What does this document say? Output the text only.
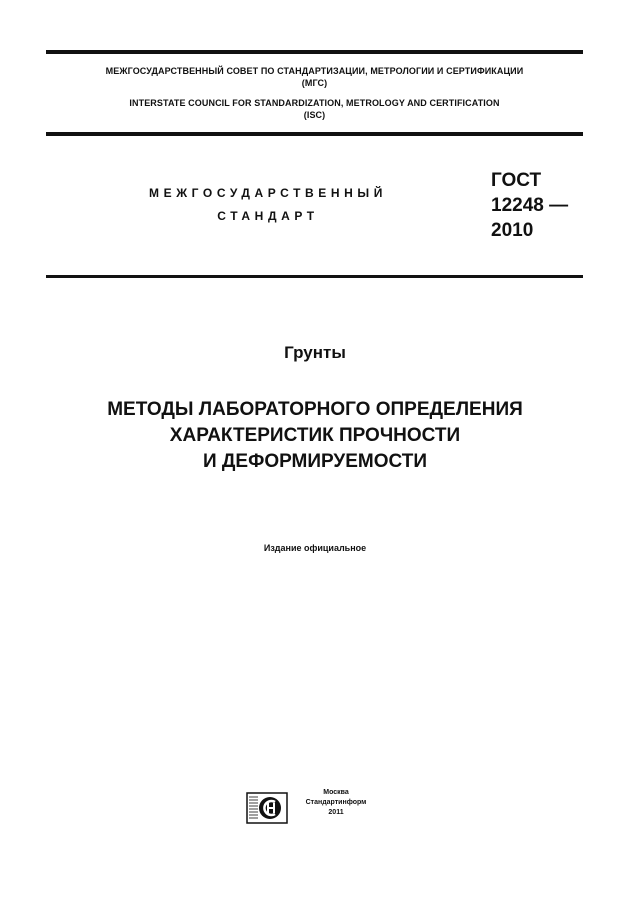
МЕЖГОСУДАРСТВЕННЫЙ СОВЕТ ПО СТАНДАРТИЗАЦИИ, МЕТРОЛОГИИ И СЕРТИФИКАЦИИ
(МГС)
INTERSTATE COUNCIL FOR STANDARDIZATION, METROLOGY AND CERTIFICATION
(ISC)
МЕЖГОСУДАРСТВЕННЫЙ
СТАНДАРТ
ГОСТ
12248 —
2010
Грунты
МЕТОДЫ ЛАБОРАТОРНОГО ОПРЕДЕЛЕНИЯ
ХАРАКТЕРИСТИК ПРОЧНОСТИ
И ДЕФОРМИРУЕМОСТИ
Издание официальное
Москва
Стандартинформ
2011
